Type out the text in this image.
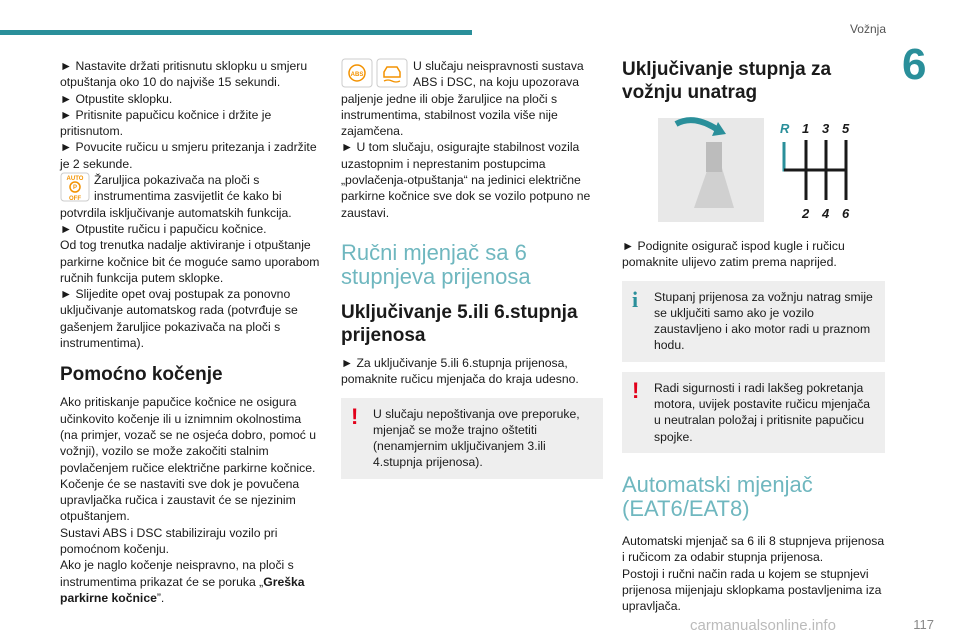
Vožnja
6

► Nastavite držati pritisnutu sklopku u smjeru otpuštanja oko 10 do najviše 15 sekundi.

► Otpustite sklopku.

► Pritisnite papučicu kočnice i držite je pritisnutom.

► Povucite ručicu u smjeru pritezanja i zadržite je 2 sekunde.

AUTO
P
OFF

Žaruljica pokazivača na ploči s instrumentima zasvijetlit će kako bi potvrdila isključivanje automatskih funkcija.

► Otpustite ručicu i papučicu kočnice.

Od tog trenutka nadalje aktiviranje i otpuštanje parkirne kočnice bit će moguće samo uporabom ručnih funkcija putem sklopke.

► Slijedite opet ovaj postupak za ponovno uključivanje automatskog rada (potvrđuje se gašenjem žaruljice pokazivača na ploči s instrumentima).

Pomoćno kočenje

Ako pritiskanje papučice kočnice ne osigura učinkovito kočenje ili u iznimnim okolnostima (na primjer, vozač se ne osjeća dobro, pomoć u vožnji), vozilo se može zakočiti stalnim povlačenjem ručice električne parkirne kočnice.

Kočenje će se nastaviti sve dok je povučena upravljačka ručica i zaustavit će se njezinim otpuštanjem.

Sustavi ABS i DSC stabiliziraju vozilo pri pomoćnom kočenju.

Ako je naglo kočenje neispravno, na ploči s instrumentima prikazat će se poruka „Greška parkirne kočnice”.

ABS

U slučaju neispravnosti sustava ABS i DSC, na koju upozorava paljenje jedne ili obje žaruljice na ploči s instrumentima, stabilnost vozila više nije zajamčena.

► U tom slučaju, osigurajte stabilnost vozila uzastopnim i neprestanim postupcima „povlačenja-otpuštanja“ na jedinici električne parkirne kočnice sve dok se vozilo potpuno ne zaustavi.

Ručni mjenjač sa 6 stupnjeva prijenosa
Uključivanje 5.ili 6.stupnja prijenosa

► Za uključivanje 5.ili 6.stupnja prijenosa, pomaknite ručicu mjenjača do kraja udesno.

!	U slučaju nepoštivanja ove preporuke, mjenjač se može trajno oštetiti (nenamjernim uključivanjem 3.ili 4.stupnja prijenosa).

Uključivanje stupnja za vožnju unatrag
R 1 3 5
2 4 6

► Podignite osigurač ispod kugle i ručicu pomaknite ulijevo zatim prema naprijed.

i	Stupanj prijenosa za vožnju natrag smije se uključiti samo ako je vozilo zaustavljeno i ako motor radi u praznom hodu.

!	Radi sigurnosti i radi lakšeg pokretanja motora, uvijek postavite ručicu mjenjača u neutralan položaj i pritisnite papučicu spojke.

Automatski mjenjač (EAT6/EAT8)

Automatski mjenjač sa 6 ili 8 stupnjeva prijenosa i ručicom za odabir stupnja prijenosa.

Postoji i ručni način rada u kojem se stupnjevi prijenosa mijenjaju sklopkama postavljenima iza upravljača.

carmanualsonline.info	117
